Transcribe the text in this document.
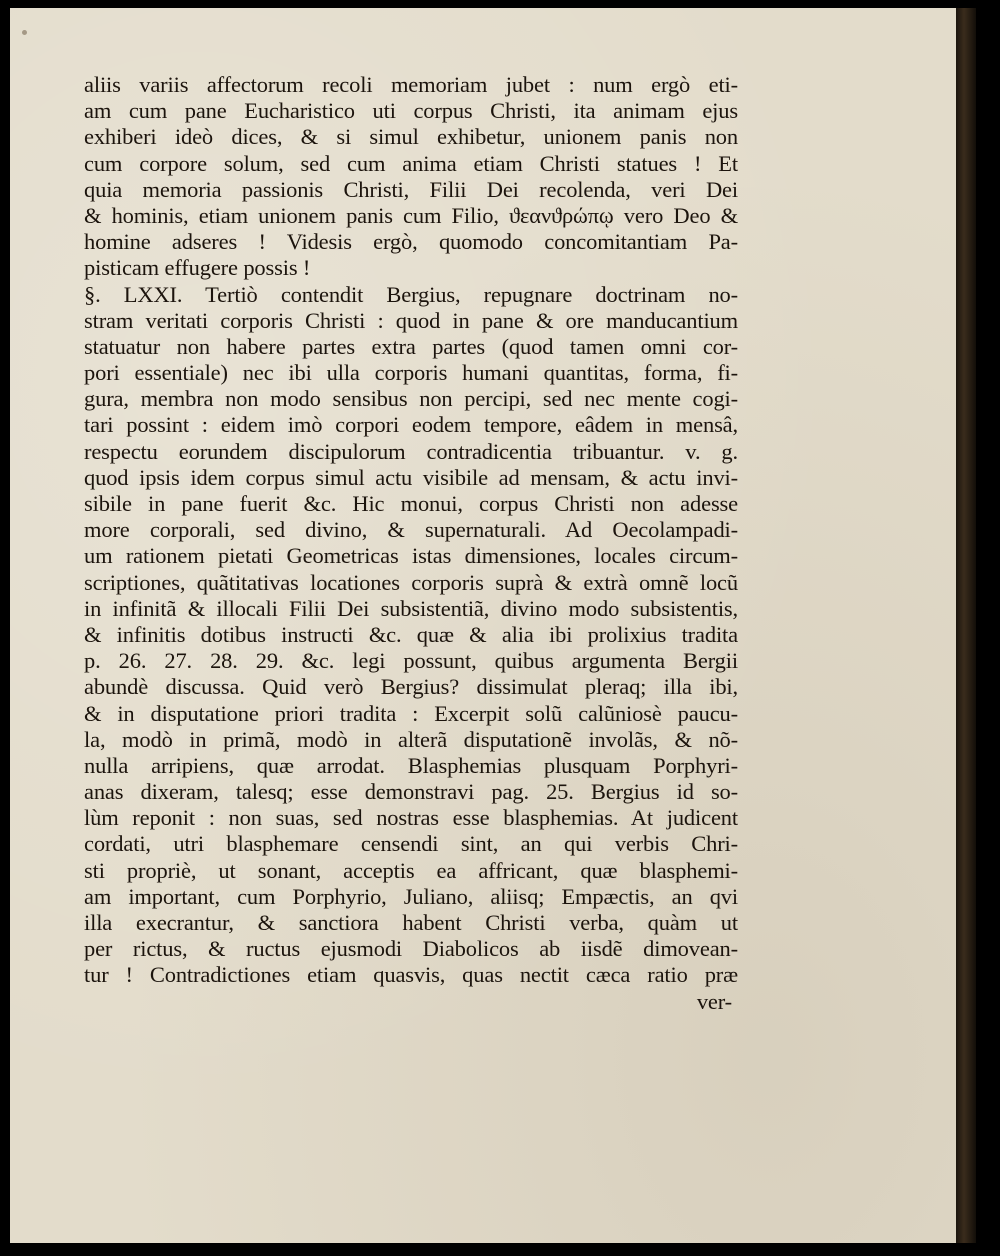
aliis variis affectorum recoli memoriam jubet : num ergò eti-
am cum pane Eucharistico uti corpus Christi, ita animam ejus
exhiberi ideò dices, & si simul exhibetur, unionem panis non
cum corpore solum, sed cum anima etiam Christi statues ! Et
quia memoria passionis Christi, Filii Dei recolenda, veri Dei
& hominis, etiam unionem panis cum Filio, ϑεανϑρώπῳ vero Deo &
homine adseres ! Videsis ergò, quomodo concomitantiam Pa-
pisticam effugere possis !
§. LXXI. Tertiò contendit Bergius, repugnare doctrinam no-
stram veritati corporis Christi : quod in pane & ore manducantium
statuatur non habere partes extra partes (quod tamen omni cor-
pori essentiale) nec ibi ulla corporis humani quantitas, forma, fi-
gura, membra non modo sensibus non percipi, sed nec mente cogi-
tari possint : eidem imò corpori eodem tempore, eâdem in mensâ,
respectu eorundem discipulorum contradicentia tribuantur. v. g.
quod ipsis idem corpus simul actu visibile ad mensam, & actu invi-
sibile in pane fuerit &c. Hic monui, corpus Christi non adesse
more corporali, sed divino, & supernaturali. Ad Oecolampadi-
um rationem pietati Geometricas istas dimensiones, locales circum-
scriptiones, quãtitativas locationes corporis suprà & extrà omnẽ locũ
in infinitã & illocali Filii Dei subsistentiã, divino modo subsistentis,
& infinitis dotibus instructi &c. quæ & alia ibi prolixius tradita
p. 26. 27. 28. 29. &c. legi possunt, quibus argumenta Bergii
abundè discussa. Quid verò Bergius? dissimulat pleraq; illa ibi,
& in disputatione priori tradita : Excerpit solũ calũniosè paucu-
la, modò in primã, modò in alterã disputationẽ involãs, & nõ-
nulla arripiens, quæ arrodat. Blasphemias plusquam Porphyri-
anas dixeram, talesq; esse demonstravi pag. 25. Bergius id so-
lùm reponit : non suas, sed nostras esse blasphemias. At judicent
cordati, utri blasphemare censendi sint, an qui verbis Chri-
sti propriè, ut sonant, acceptis ea affricant, quæ blasphemi-
am important, cum Porphyrio, Juliano, aliisq; Empæctis, an qvi
illa execrantur, & sanctiora habent Christi verba, quàm ut
per rictus, & ructus ejusmodi Diabolicos ab iisdẽ dimovean-
tur ! Contradictiones etiam quasvis, quas nectit cæca ratio præ
ver-
